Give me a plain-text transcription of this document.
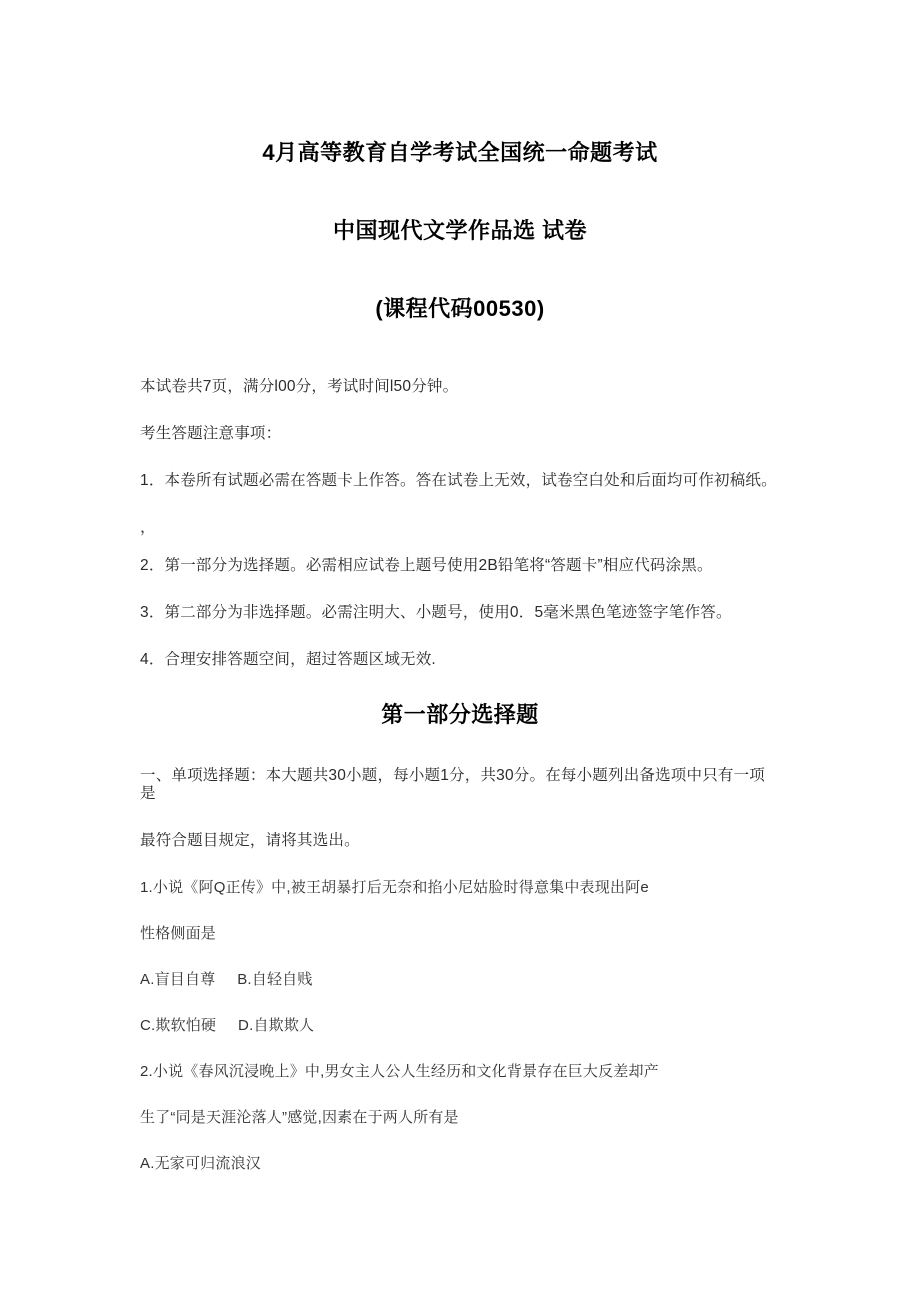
4月高等教育自学考试全国统一命题考试
中国现代文学作品选 试卷
(课程代码00530)

本试卷共7页，满分l00分，考试时间l50分钟。

考生答题注意事项：

1．本卷所有试题必需在答题卡上作答。答在试卷上无效，试卷空白处和后面均可作初稿纸。

，

2．第一部分为选择题。必需相应试卷上题号使用2B铅笔将“答题卡”相应代码涂黑。

3．第二部分为非选择题。必需注明大、小题号，使用0．5毫米黑色笔迹签字笔作答。

4．合理安排答题空间，超过答题区域无效.

第一部分选择题

一、单项选择题：本大题共30小题，每小题1分，共30分。在每小题列出备选项中只有一项是

最符合题目规定，请将其选出。

1.小说《阿Q正传》中,被王胡暴打后无奈和掐小尼姑脸时得意集中表现出阿e

性格侧面是

A.盲目自尊     B.自轻自贱

C.欺软怕硬     D.自欺欺人

2.小说《春风沉浸晚上》中,男女主人公人生经历和文化背景存在巨大反差却产

生了“同是天涯沦落人”感觉,因素在于两人所有是

A.无家可归流浪汉
